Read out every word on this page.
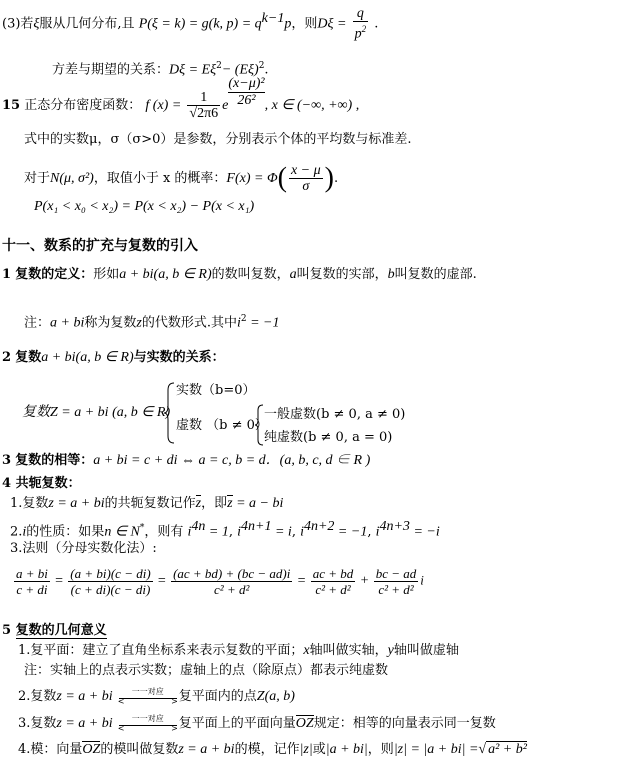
(3)若ξ服从几何分布,且 P(ξ = k) = g(k, $p) = q^{k-1}p$，则$D\xi = \frac{q}{p^2}$ .
方差与期望的关系：$D\xi = E\xi^2- (E\xi)^2$.
15 正态分布密度函数： f $(x) = \frac{1}{√2\pi 6}$ e $\frac{\text{(x−μ)²}}{\text{26²}}$ , x ∈ (−∞, +∞) ,
式中的实数μ，σ（σ>0）是参数，分别表示个体的平均数与标准差.
对于N(μ, σ²)，取值小于 x 的概率：$F(x) = \Phi( \frac{x - \mu}{\sigma}$ ).
P(x₁ < x₀ < x₂) = P(x < x₂) − P(x < x₁)
十一、数系的扩充与复数的引入
1 复数的定义：形如a + bi(a, b ∈ R)的数叫复数，a叫复数的实部，b叫复数的虚部.
注：a + bi称为复数z的代数形式.其中$i^2 = -1$
2 复数a + bi(a, b ∈ R)与实数的关系：
复数Z = a + bi (a, b ∈ R)
实数（b=0）
虚数 （b ≠ 0）
一般虚数(b ≠ 0, a ≠ 0)
纯虚数(b ≠ 0, a = 0)
3 复数的相等：a + bi = c + di ⇔ a = c, b = d．(a, b, c, d ∈ R )
4 共轭复数：
1.复数z = a + bi的共轭复数记作z，即z = a − bi
2.i的性质：如果n ∈ N*，则有 $i^{4n} = 1$, $i^{4n+1} = i$, $i^{4n+2} = -1$, $i^{4n+3} = -i$
3.法则（分母实数化法）:
$\frac{a + bi}{c + di} = \frac{(a + bi)(c - di)}{(c + di)(c - di)} = \frac{(ac + bd) + (bc - ad)i}{\text{c² + d²}} = \frac{ac + bd}{\text{c² + d²}} + \frac{bc - ad}{\text{c² + d²}}$ i
5 复数的几何意义
1.复平面：建立了直角坐标系来表示复数的平面；x轴叫做实轴，y轴叫做虚轴
注：实轴上的点表示实数；虚轴上的点（除原点）都表示纯虚数
2.复数z = a + bi	一一对应
<	> 复平面内的点Z(a, b)
3.复数z = a + bi	一一对应
<	> 复平面上的平面向量OZ规定：相等的向量表示同一复数
4.模：向量OZ的模叫做复数z = a + bi的模，记作|z|或|a + bi|，则|z| = |a + bi| =√ a² + b²
